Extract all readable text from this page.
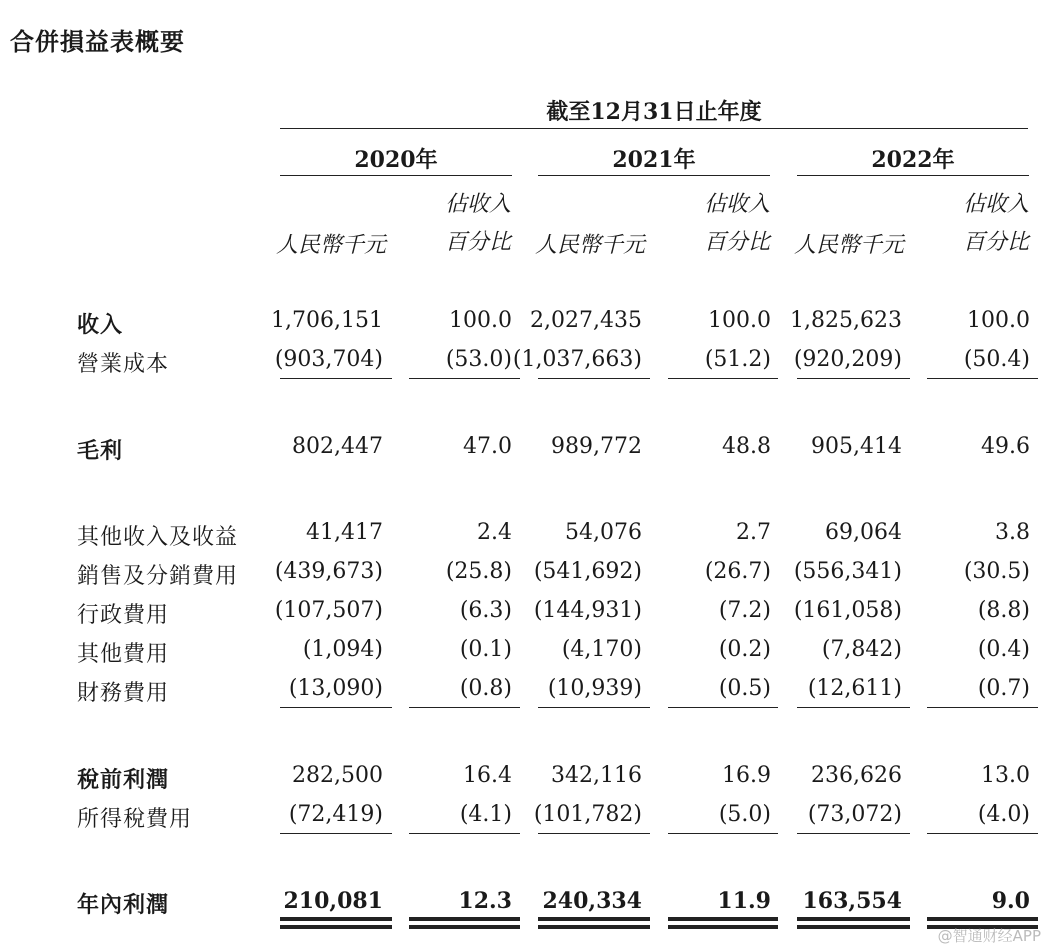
合併損益表概要
截至12月31日止年度
2020年	2021年	2022年
人民幣千元
佔收入
百分比	人民幣千元
佔收入
百分比	人民幣千元
佔收入
百分比
收入	1,706,151	100.0 2,027,435	100.0 1,825,623	100.0
營業成本	(903,704)	(53.0) (1,037,663)	(51.2)	(920,209)	(50.4)
毛利	802,447	47.0	989,772	48.8	905,414	49.6
其他收入及收益	41,417	2.4	54,076	2.7	69,064	3.8
銷售及分銷費用	(439,673)	(25.8) (541,692)	(26.7)	(556,341)	(30.5)
行政費用	(107,507)	(6.3) (144,931)	(7.2)	(161,058)	(8.8)
其他費用	(1,094)	(0.1)	(4,170)	(0.2)	(7,842)	(0.4)
財務費用	(13,090)	(0.8)	(10,939)	(0.5)	(12,611)	(0.7)
稅前利潤	282,500	16.4	342,116	16.9	236,626	13.0
所得稅費用	(72,419)	(4.1) (101,782)	(5.0)	(73,072)	(4.0)
年內利潤	210,081	12.3	240,334	11.9	163,554	9.0
@智通财经APP
